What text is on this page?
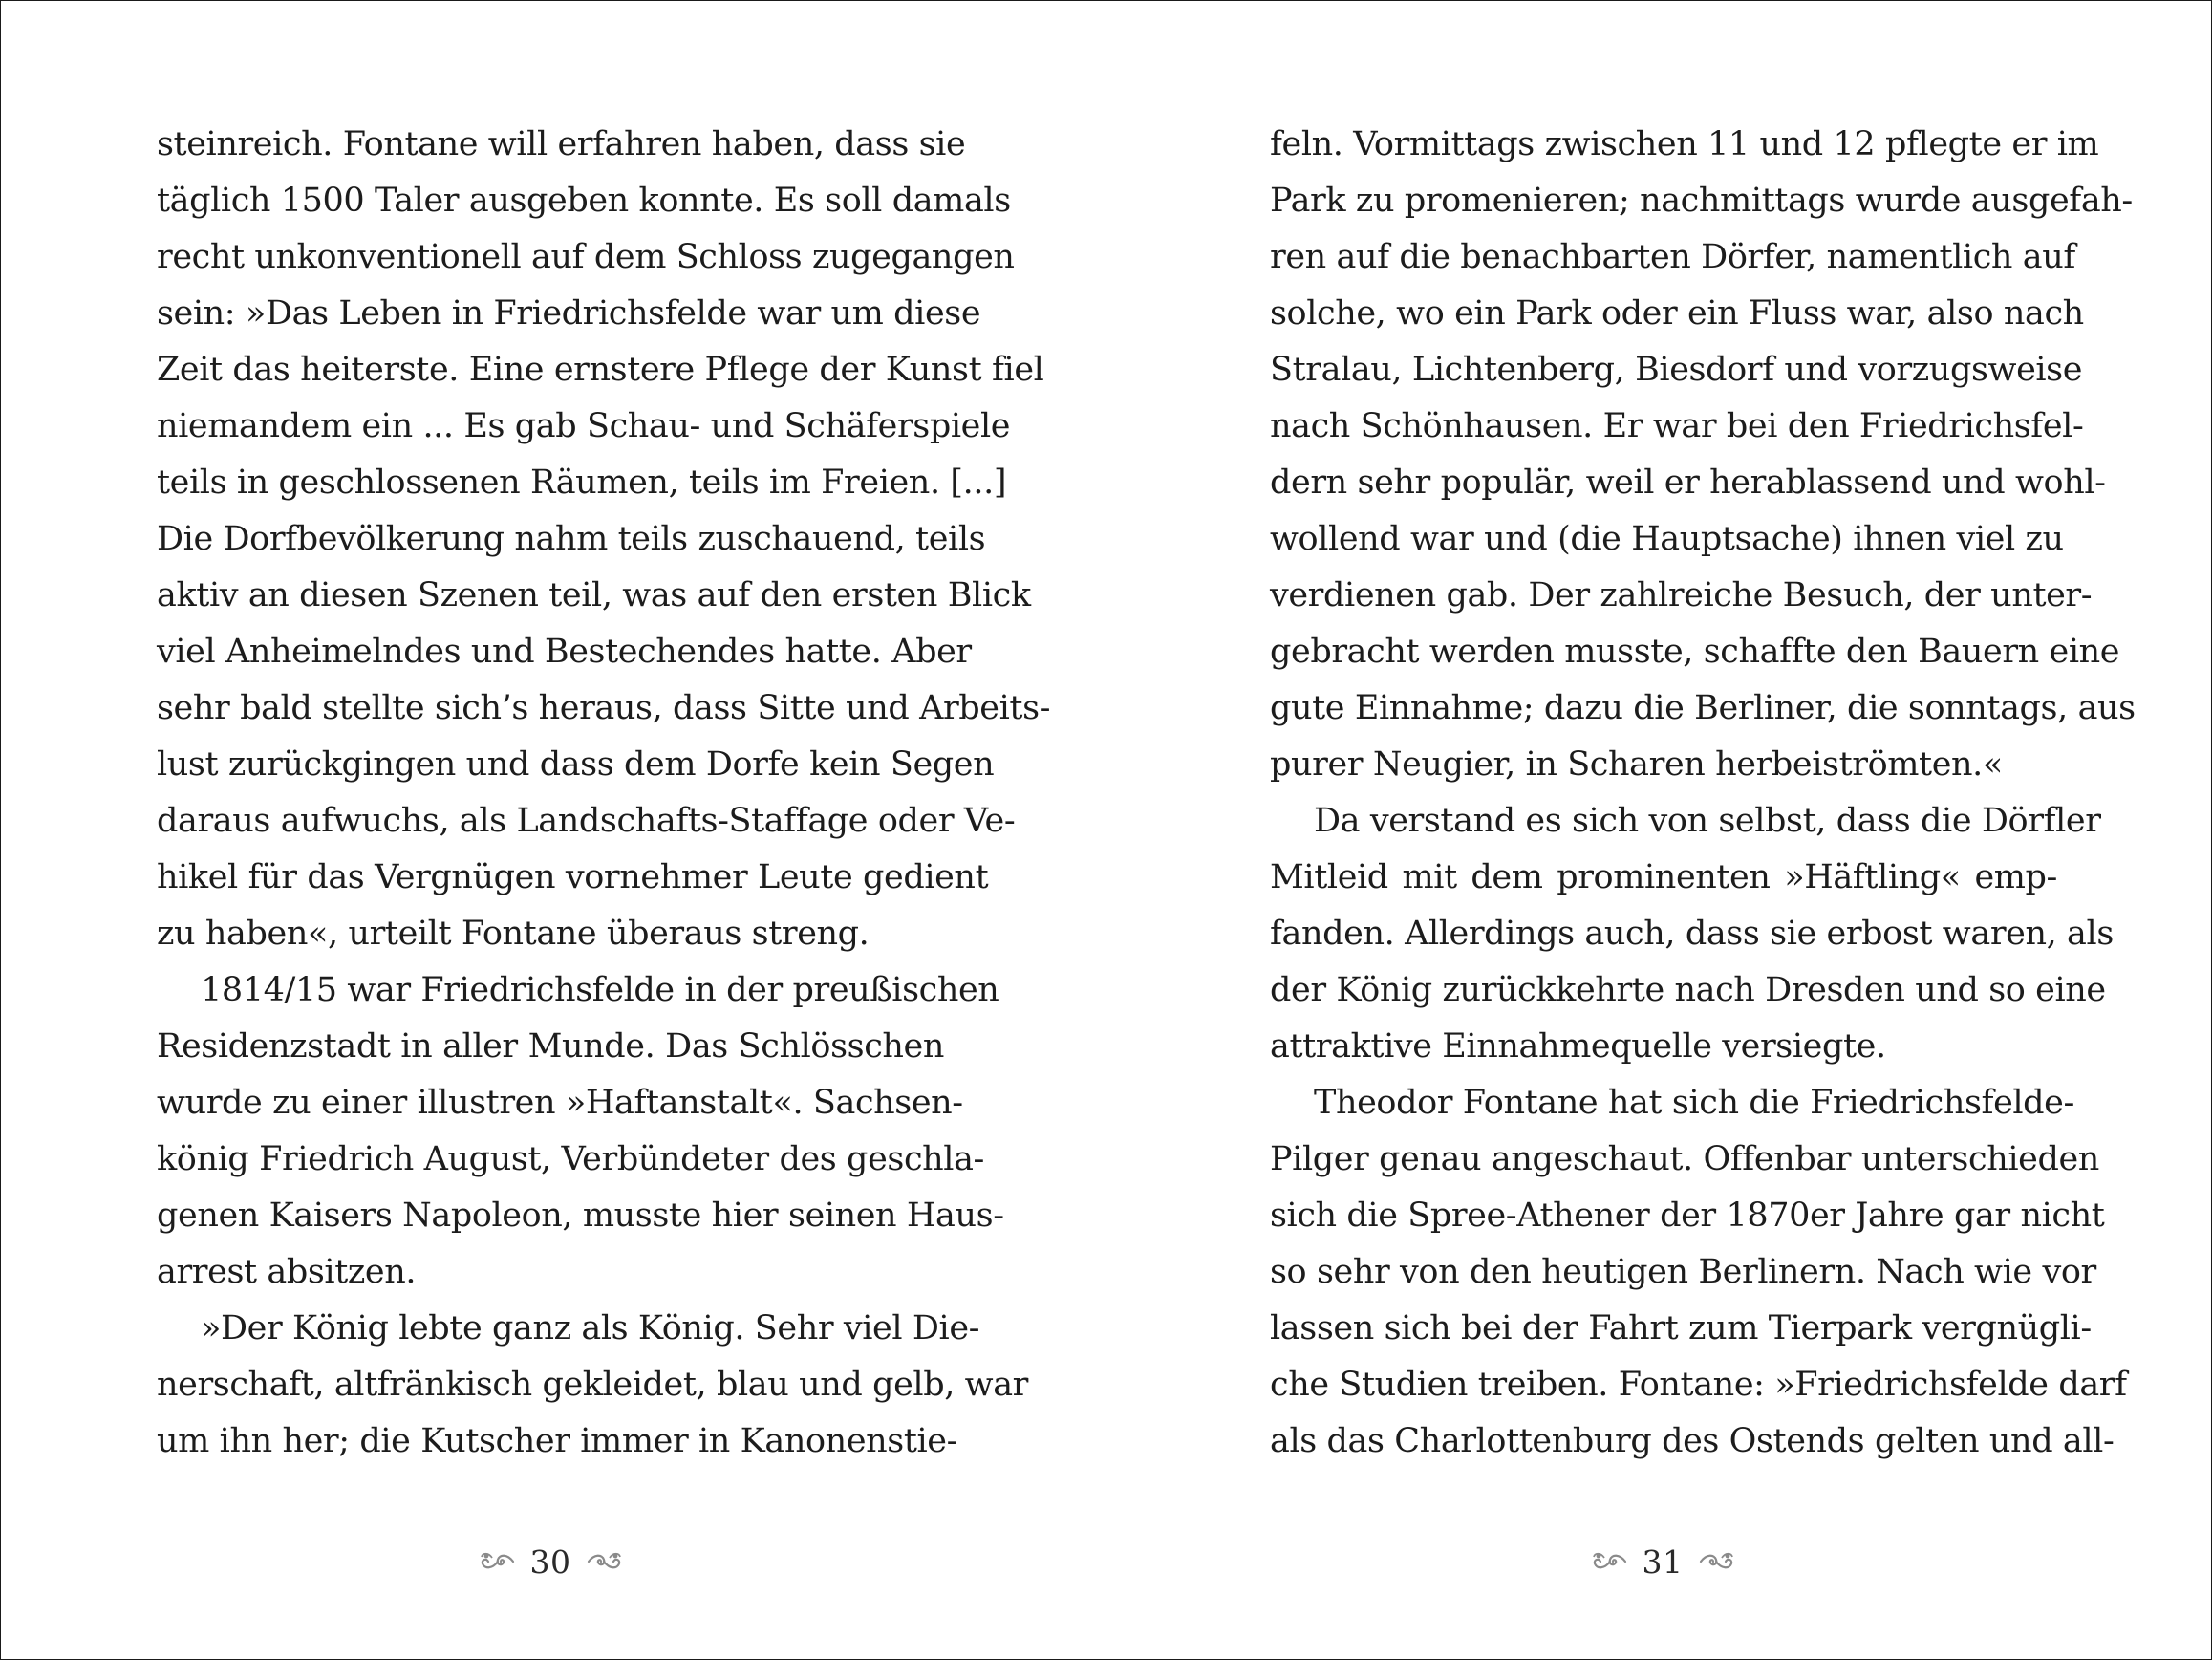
steinreich. Fontane will erfahren haben, dass sie
täglich 1500 Taler ausgeben konnte. Es soll damals
recht unkonventionell auf dem Schloss zugegangen
sein: »Das Leben in Friedrichsfelde war um diese
Zeit das heiterste. Eine ernstere Pflege der Kunst fiel
niemandem ein ... Es gab Schau- und Schäferspiele
teils in geschlossenen Räumen, teils im Freien. [...]
Die Dorfbevölkerung nahm teils zuschauend, teils
aktiv an diesen Szenen teil, was auf den ersten Blick
viel Anheimelndes und Bestechendes hatte. Aber
sehr bald stellte sich’s heraus, dass Sitte und Arbeits-
lust zurückgingen und dass dem Dorfe kein Segen
daraus aufwuchs, als Landschafts-Staffage oder Ve-
hikel für das Vergnügen vornehmer Leute gedient
zu haben«, urteilt Fontane überaus streng.
1814/15 war Friedrichsfelde in der preußischen
Residenzstadt in aller Munde. Das Schlösschen
wurde zu einer illustren »Haftanstalt«. Sachsen-
könig Friedrich August, Verbündeter des geschla-
genen Kaisers Napoleon, musste hier seinen Haus-
arrest absitzen.
»Der König lebte ganz als König. Sehr viel Die-
nerschaft, altfränkisch gekleidet, blau und gelb, war
um ihn her; die Kutscher immer in Kanonenstie-
30
feln. Vormittags zwischen 11 und 12 pflegte er im
Park zu promenieren; nachmittags wurde ausgefah-
ren auf die benachbarten Dörfer, namentlich auf
solche, wo ein Park oder ein Fluss war, also nach
Stralau, Lichtenberg, Biesdorf und vorzugsweise
nach Schönhausen. Er war bei den Friedrichsfel-
dern sehr populär, weil er herablassend und wohl-
wollend war und (die Hauptsache) ihnen viel zu
verdienen gab. Der zahlreiche Besuch, der unter-
gebracht werden musste, schaffte den Bauern eine
gute Einnahme; dazu die Berliner, die sonntags, aus
purer Neugier, in Scharen herbeiströmten.«
Da verstand es sich von selbst, dass die Dörfler
Mitleid mit dem prominenten »Häftling« emp-
fanden. Allerdings auch, dass sie erbost waren, als
der König zurückkehrte nach Dresden und so eine
attraktive Einnahmequelle versiegte.
Theodor Fontane hat sich die Friedrichsfelde-
Pilger genau angeschaut. Offenbar unterschieden
sich die Spree-Athener der 1870er Jahre gar nicht
so sehr von den heutigen Berlinern. Nach wie vor
lassen sich bei der Fahrt zum Tierpark vergnügli-
che Studien treiben. Fontane: »Friedrichsfelde darf
als das Charlottenburg des Ostends gelten und all-
31
